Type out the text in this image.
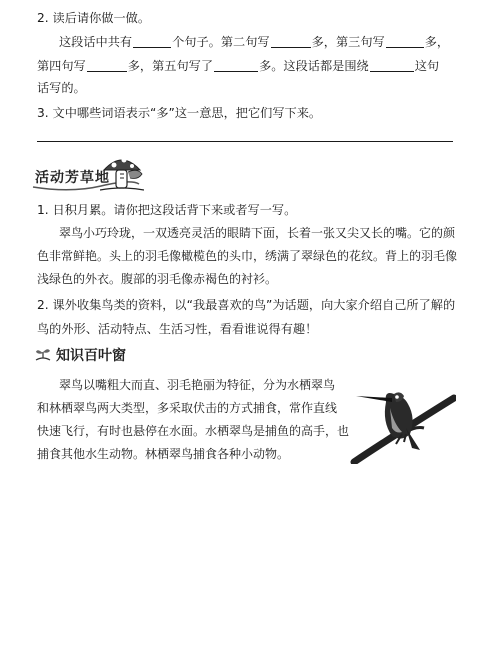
2. 读后请你做一做。
这段话中共有	个句子。第二句写	多，第三句写	多，
第四句写	多，第五句写了	多。这段话都是围绕	这句
话写的。
3. 文中哪些词语表示“多”这一意思，把它们写下来。
活动芳草地
1. 日积月累。请你把这段话背下来或者写一写。
翠鸟小巧玲珑，一双透亮灵活的眼睛下面，长着一张又尖又长的嘴。它的颜
色非常鲜艳。头上的羽毛像橄榄色的头巾，绣满了翠绿色的花纹。背上的羽毛像
浅绿色的外衣。腹部的羽毛像赤褐色的衬衫。
2. 课外收集鸟类的资料，以“我最喜欢的鸟”为话题，向大家介绍自己所了解的
鸟的外形、活动特点、生活习性，看看谁说得有趣！
知识百叶窗
翠鸟以嘴粗大而直、羽毛艳丽为特征，分为水栖翠鸟
和林栖翠鸟两大类型，多采取伏击的方式捕食，常作直线
快速飞行，有时也悬停在水面。水栖翠鸟是捕鱼的高手，也
捕食其他水生动物。林栖翠鸟捕食各种小动物。
